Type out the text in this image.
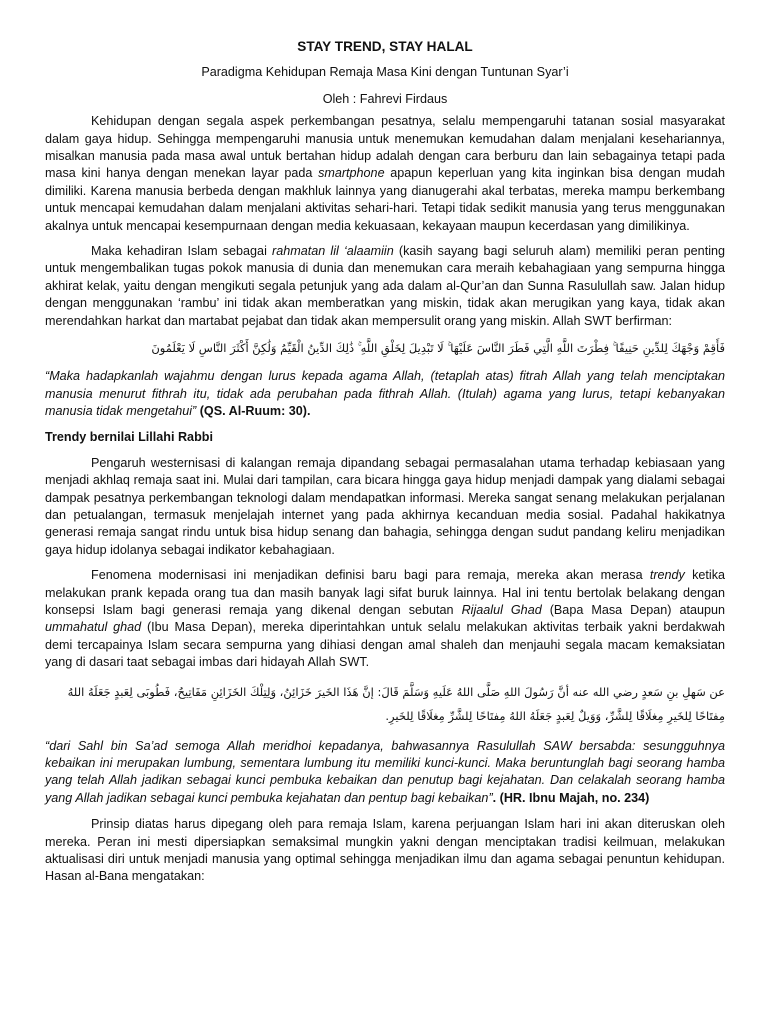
STAY TREND, STAY HALAL
Paradigma Kehidupan Remaja Masa Kini dengan Tuntunan Syar’i
Oleh : Fahrevi Firdaus

Kehidupan dengan segala aspek perkembangan pesatnya, selalu mempengaruhi tatanan sosial masyarakat dalam gaya hidup. Sehingga mempengaruhi manusia untuk menemukan kemudahan dalam menjalani kesehariannya, misalkan manusia pada masa awal untuk bertahan hidup adalah dengan cara berburu dan lain sebagainya tetapi pada masa kini hanya dengan menekan layar pada smartphone apapun keperluan yang kita inginkan bisa dengan mudah dimiliki. Karena manusia berbeda dengan makhluk lainnya yang dianugerahi akal terbatas, mereka mampu berkembang untuk mencapai kemudahan dalam menjalani aktivitas sehari-hari. Tetapi tidak sedikit manusia yang terus menggunakan akalnya untuk mencapai kesempurnaan dengan media kekuasaan, kekayaan maupun kecerdasan yang dimilikinya.

Maka kehadiran Islam sebagai rahmatan lil ‘alaamiin (kasih sayang bagi seluruh alam) memiliki peran penting untuk mengembalikan tugas pokok manusia di dunia dan menemukan cara meraih kebahagiaan yang sempurna hingga akhirat kelak, yaitu dengan mengikuti segala petunjuk yang ada dalam al-Qur’an dan Sunna Rasulullah saw. Jalan hidup dengan menggunakan ‘rambu’ ini tidak akan memberatkan yang miskin, tidak akan merugikan yang kaya, tidak akan merendahkan harkat dan martabat pejabat dan tidak akan mempersulit orang yang miskin. Allah SWT berfirman:

فَأَقِمْ وَجْهَكَ لِلدِّينِ حَنِيفًا ۚ فِطْرَتَ اللَّهِ الَّتِي فَطَرَ النَّاسَ عَلَيْهَا ۚ لَا تَبْدِيلَ لِخَلْقِ اللَّهِ ۚ ذَٰلِكَ الدِّينُ الْقَيِّمُ وَلَٰكِنَّ أَكْثَرَ النَّاسِ لَا يَعْلَمُونَ

“Maka hadapkanlah wajahmu dengan lurus kepada agama Allah, (tetaplah atas) fitrah Allah yang telah menciptakan manusia menurut fithrah itu, tidak ada perubahan pada fithrah Allah. (Itulah) agama yang lurus, tetapi kebanyakan manusia tidak mengetahui” (QS. Al-Ruum: 30).

Trendy bernilai Lillahi Rabbi

Pengaruh westernisasi di kalangan remaja dipandang sebagai permasalahan utama terhadap kebiasaan yang menjadi akhlaq remaja saat ini. Mulai dari tampilan, cara bicara hingga gaya hidup menjadi dampak yang dialami sebagai dampak pesatnya perkembangan teknologi dalam mendapatkan informasi. Mereka sangat senang melakukan perjalanan dan petualangan, termasuk menjelajah internet yang pada akhirnya kecanduan media sosial. Padahal hakikatnya generasi remaja sangat rindu untuk bisa hidup senang dan bahagia, sehingga dengan sudut pandang keliru menjadikan gaya hidup idolanya sebagai indikator kebahagiaan.

Fenomena modernisasi ini menjadikan definisi baru bagi para remaja, mereka akan merasa trendy ketika melakukan prank kepada orang tua dan masih banyak lagi sifat buruk lainnya. Hal ini tentu bertolak belakang dengan konsepsi Islam bagi generasi remaja yang dikenal dengan sebutan Rijaalul Ghad (Bapa Masa Depan) ataupun ummahatul ghad (Ibu Masa Depan), mereka diperintahkan untuk selalu melakukan aktivitas terbaik yakni berdakwah demi tercapainya Islam secara sempurna yang dihiasi dengan amal shaleh dan menjauhi segala macam kemaksiatan yang di dasari taat sebagai imbas dari hidayah Allah SWT.

عن سَهلِ بنِ سَعدٍ رضي الله عنه أنَّ رَسُولَ اللهِ صَلَّى اللهُ عَلَيهِ وَسَلَّمَ قَالَ: إنَّ هَذَا الخَيرَ خَزَائِنُ، وَلِتِلْكَ الخَزَائِنِ مَفَاتِيحُ، فَطُوبَى لِعَبدٍ جَعَلَهُ اللهُ مِفتَاحًا لِلخَيرِ مِغلَاقًا لِلشَّرِّ، وَوَيلٌ لِعَبدٍ جَعَلَهُ اللهُ مِفتَاحًا لِلشَّرِّ مِغلَاقًا لِلخَيرِ.

“dari Sahl bin Sa’ad semoga Allah meridhoi kepadanya, bahwasannya Rasulullah SAW bersabda: sesungguhnya kebaikan ini merupakan lumbung, sementara lumbung itu memiliki kunci-kunci. Maka beruntunglah bagi seorang hamba yang telah Allah jadikan sebagai kunci pembuka kebaikan dan penutup bagi kejahatan. Dan celakalah seorang hamba yang Allah jadikan sebagai kunci pembuka kejahatan dan pentup bagi kebaikan”. (HR. Ibnu Majah, no. 234)

Prinsip diatas harus dipegang oleh para remaja Islam, karena perjuangan Islam hari ini akan diteruskan oleh mereka. Peran ini mesti dipersiapkan semaksimal mungkin yakni dengan menciptakan tradisi keilmuan, melakukan aktualisasi diri untuk menjadi manusia yang optimal sehingga menjadikan ilmu dan agama sebagai penuntun kehidupan. Hasan al-Bana mengatakan:
